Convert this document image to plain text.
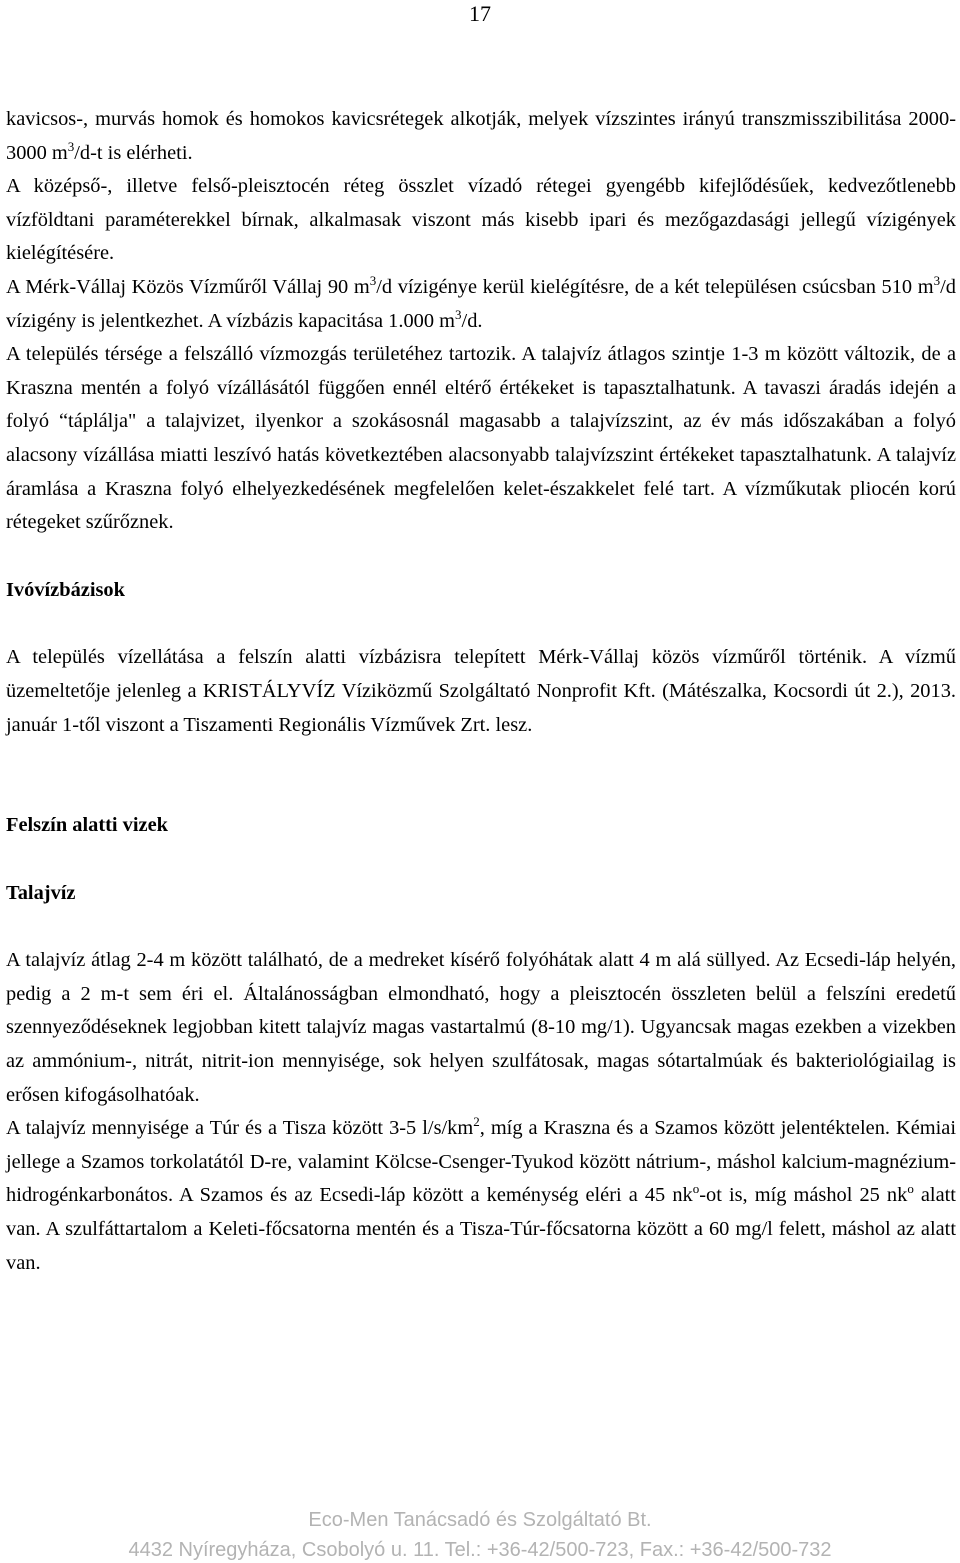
17

kavicsos-, murvás homok és homokos kavicsrétegek alkotják, melyek vízszintes irányú transzmisszibilitása 2000-3000 $m^3/d-t$ is elérheti.

A középső-, illetve felső-pleisztocén réteg összlet vízadó rétegei gyengébb kifejlődésűek, kedvezőtlenebb vízföldtani paraméterekkel bírnak, alkalmasak viszont más kisebb ipari és mezőgazdasági jellegű vízigények kielégítésére.

A Mérk-Vállaj Közös Vízműről Vállaj 90 $m^3/d$ vízigénye kerül kielégítésre, de a két településen csúcsban 510 $m^3/d$ vízigény is jelentkezhet. A vízbázis kapacitása 1.000 $m^3/d$.

A település térsége a felszálló vízmozgás területéhez tartozik. A talajvíz átlagos szintje 1-3 m között változik, de a Kraszna mentén a folyó vízállásától függően ennél eltérő értékeket is tapasztalhatunk. A tavaszi áradás idején a folyó “táplálja" a talajvizet, ilyenkor a szokásosnál magasabb a talajvízszint, az év más időszakában a folyó alacsony vízállása miatti leszívó hatás következtében alacsonyabb talajvízszint értékeket tapasztalhatunk. A talajvíz áramlása a Kraszna folyó elhelyezkedésének megfelelően kelet-északkelet felé tart. A vízműkutak pliocén korú rétegeket szűrőznek.

Ivóvízbázisok

A település vízellátása a felszín alatti vízbázisra telepített Mérk-Vállaj közös vízműről történik. A vízmű üzemeltetője jelenleg a KRISTÁLYVÍZ Víziközmű Szolgáltató Nonprofit Kft. (Mátészalka, Kocsordi út 2.), 2013. január 1-től viszont a Tiszamenti Regionális Vízművek Zrt. lesz.

Felszín alatti vizek
Talajvíz

A talajvíz átlag 2-4 m között található, de a medreket kísérő folyóhátak alatt 4 m alá süllyed. Az Ecsedi-láp helyén, pedig a 2 m-t sem éri el. Általánosságban elmondható, hogy a pleisztocén összleten belül a felszíni eredetű szennyeződéseknek legjobban kitett talajvíz magas vastartalmú (8-10 mg/1). Ugyancsak magas ezekben a vizekben az ammónium-, nitrát, nitrit-ion mennyisége, sok helyen szulfátosak, magas sótartalmúak és bakteriológiailag is erősen kifogásolhatóak.

A talajvíz mennyisége a Túr és a Tisza között 3-5 $l/s/km^2$, míg a Kraszna és a Szamos között jelentéktelen. Kémiai jellege a Szamos torkolatától D-re, valamint Kölcse-Csenger-Tyukod között nátrium-, máshol kalcium-magnézium-hidrogénkarbonátos. A Szamos és az Ecsedi-láp között a keménység eléri a 45 $nk^o-ot$ is, míg máshol 25 $nk^o$ alatt van. A szulfáttartalom a Keleti-főcsatorna mentén és a Tisza-Túr-főcsatorna között a 60 mg/l felett, máshol az alatt van.

Eco-Men Tanácsadó és Szolgáltató Bt.
4432 Nyíregyháza, Csobolyó u. 11. Tel.: +36-42/500-723, Fax.: +36-42/500-732
